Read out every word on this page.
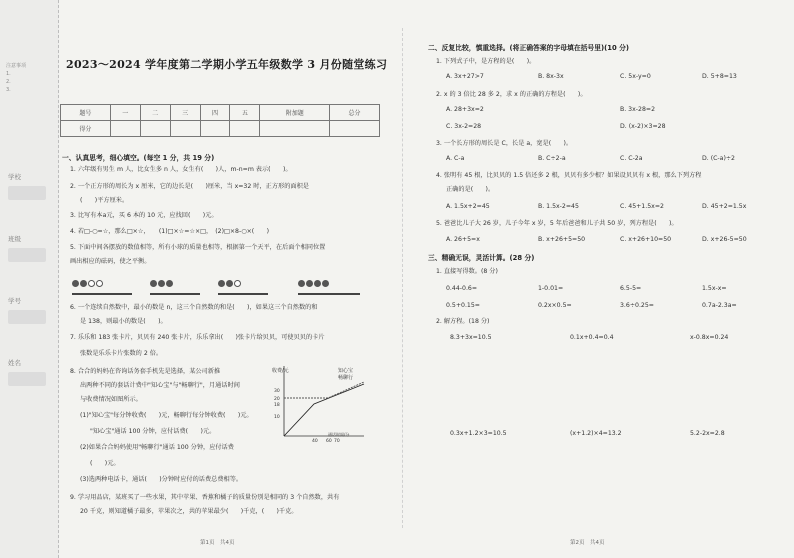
注意事项
1.
2.
3.
学校
班级
学号
姓名
2023～2024 学年度第二学期小学五年级数学 3 月份随堂练习
题号	一	二	三	四	五	附加题	总分
得分							
一、认真思考，细心填空。(每空 1 分，共 19 分)
1. 六年级有男生 m 人，比女生多 n 人，女生有(　　)人，m-n=m 表示(　　)。
2. 一个正方形的周长为 x 厘米，它的边长是(　　)厘米，当 x=32 时，正方形的面积是
(　　)平方厘米。
3. 比写有本a元，买 6 本的 10 元，应找回(　　)元。
4. 若□-○=☆，那么□×☆，　　(1)□×☆=☆×□，　(2)□×8-○×(　　)
5. 下面中间各摆放的数值相等，所有小球的质量也相等，根据第一个天平，在后面个相同位置
画出相应的砝码，使之平衡。
6. 一个连续自然数中，最小的数是 n，这三个自然数的和是(　　)，如果这三个自然数的和
是 138，则最小的数是(　　)。
7. 乐乐和 183 张卡片，贝贝有 240 张卡片，乐乐拿出(　　)张卡片给贝贝，可使贝贝的卡片
张数是乐乐卡片张数的 2 倍。
8. 合合的妈妈在咨询话务套手机先是选择，某公司新推
出两种不同的套话计费中"知心宝"与"畅聊行"，月通话时间
与收费情况如图所示。
(1)"知心宝"每分钟收费(　　)元，畅聊行每分钟收费(　　)元。
"知心宝"通话 100 分钟，应付话费(　　)元。
(2)如果合合妈妈使用"畅聊行"通话 100 分钟，应付话费
(　　)元。
(3)选两种电话卡，通话(　　)分钟时应付的话费总费相等。
9. 学习用品店，某班买了一些水果，其中苹果、香蕉和橘子的质量份别是相同的 3 个自然数，共有
20 千克，则知道橘子最多，苹果次之，共的苹果最少(　　)千克，(　　)千克。
收费/元	知心宝
畅聊行
30
20
18
10
40 60 70
通话时间/分
第1页　共4页
二、反复比较，慎重选择。(将正确答案的字母填在括号里)(10 分)
1. 下列式子中，是方程的是(　　)。
A. 3x+27>7	B. 8x-3x	C. 5x-y=0	D. 5+8=13
2. x 的 3 倍比 28 多 2，求 x 的正确的方程是(　　)。
A. 28+3x=2	B. 3x-28=2
C. 3x-2=28	D. (x-2)×3=28
3. 一个长方形的周长是 C，长是 a，宽是(　　)。
A. C-a	B. C÷2-a	C. C-2a	D. (C-a)÷2
4. 张明有 45 根，比贝贝的 1.5 倍还多 2 根，贝贝有多少根？如果设贝贝有 x 根，那么下列方程
正确的是(　　)。
A. 1.5x+2=45	B. 1.5x-2=45	C. 45+1.5x=2	D. 45+2=1.5x
5. 爸爸比儿子大 26 岁，儿子今年 x 岁，5 年后爸爸和儿子共 50 岁，列方程是(　　)。
A. 26+5=x	B. x+26+5=50	C. x+26+10=50	D. x+26-5=50
三、精确无误，灵活计算。(28 分)
1. 直接写得数。(8 分)
0.44-0.6=	1-0.01=	6.5-5=	1.5x-x=
0.5+0.15=	0.2x×0.5=	3.6÷0.25=	0.7a-2.3a=
2. 解方程。(18 分)
8.3+3x=10.5	0.1x+0.4=0.4	x-0.8x=0.24
0.3x+1.2×3=10.5	(x+1.2)×4=13.2	5.2-2x=2.8
第2页　共4页
